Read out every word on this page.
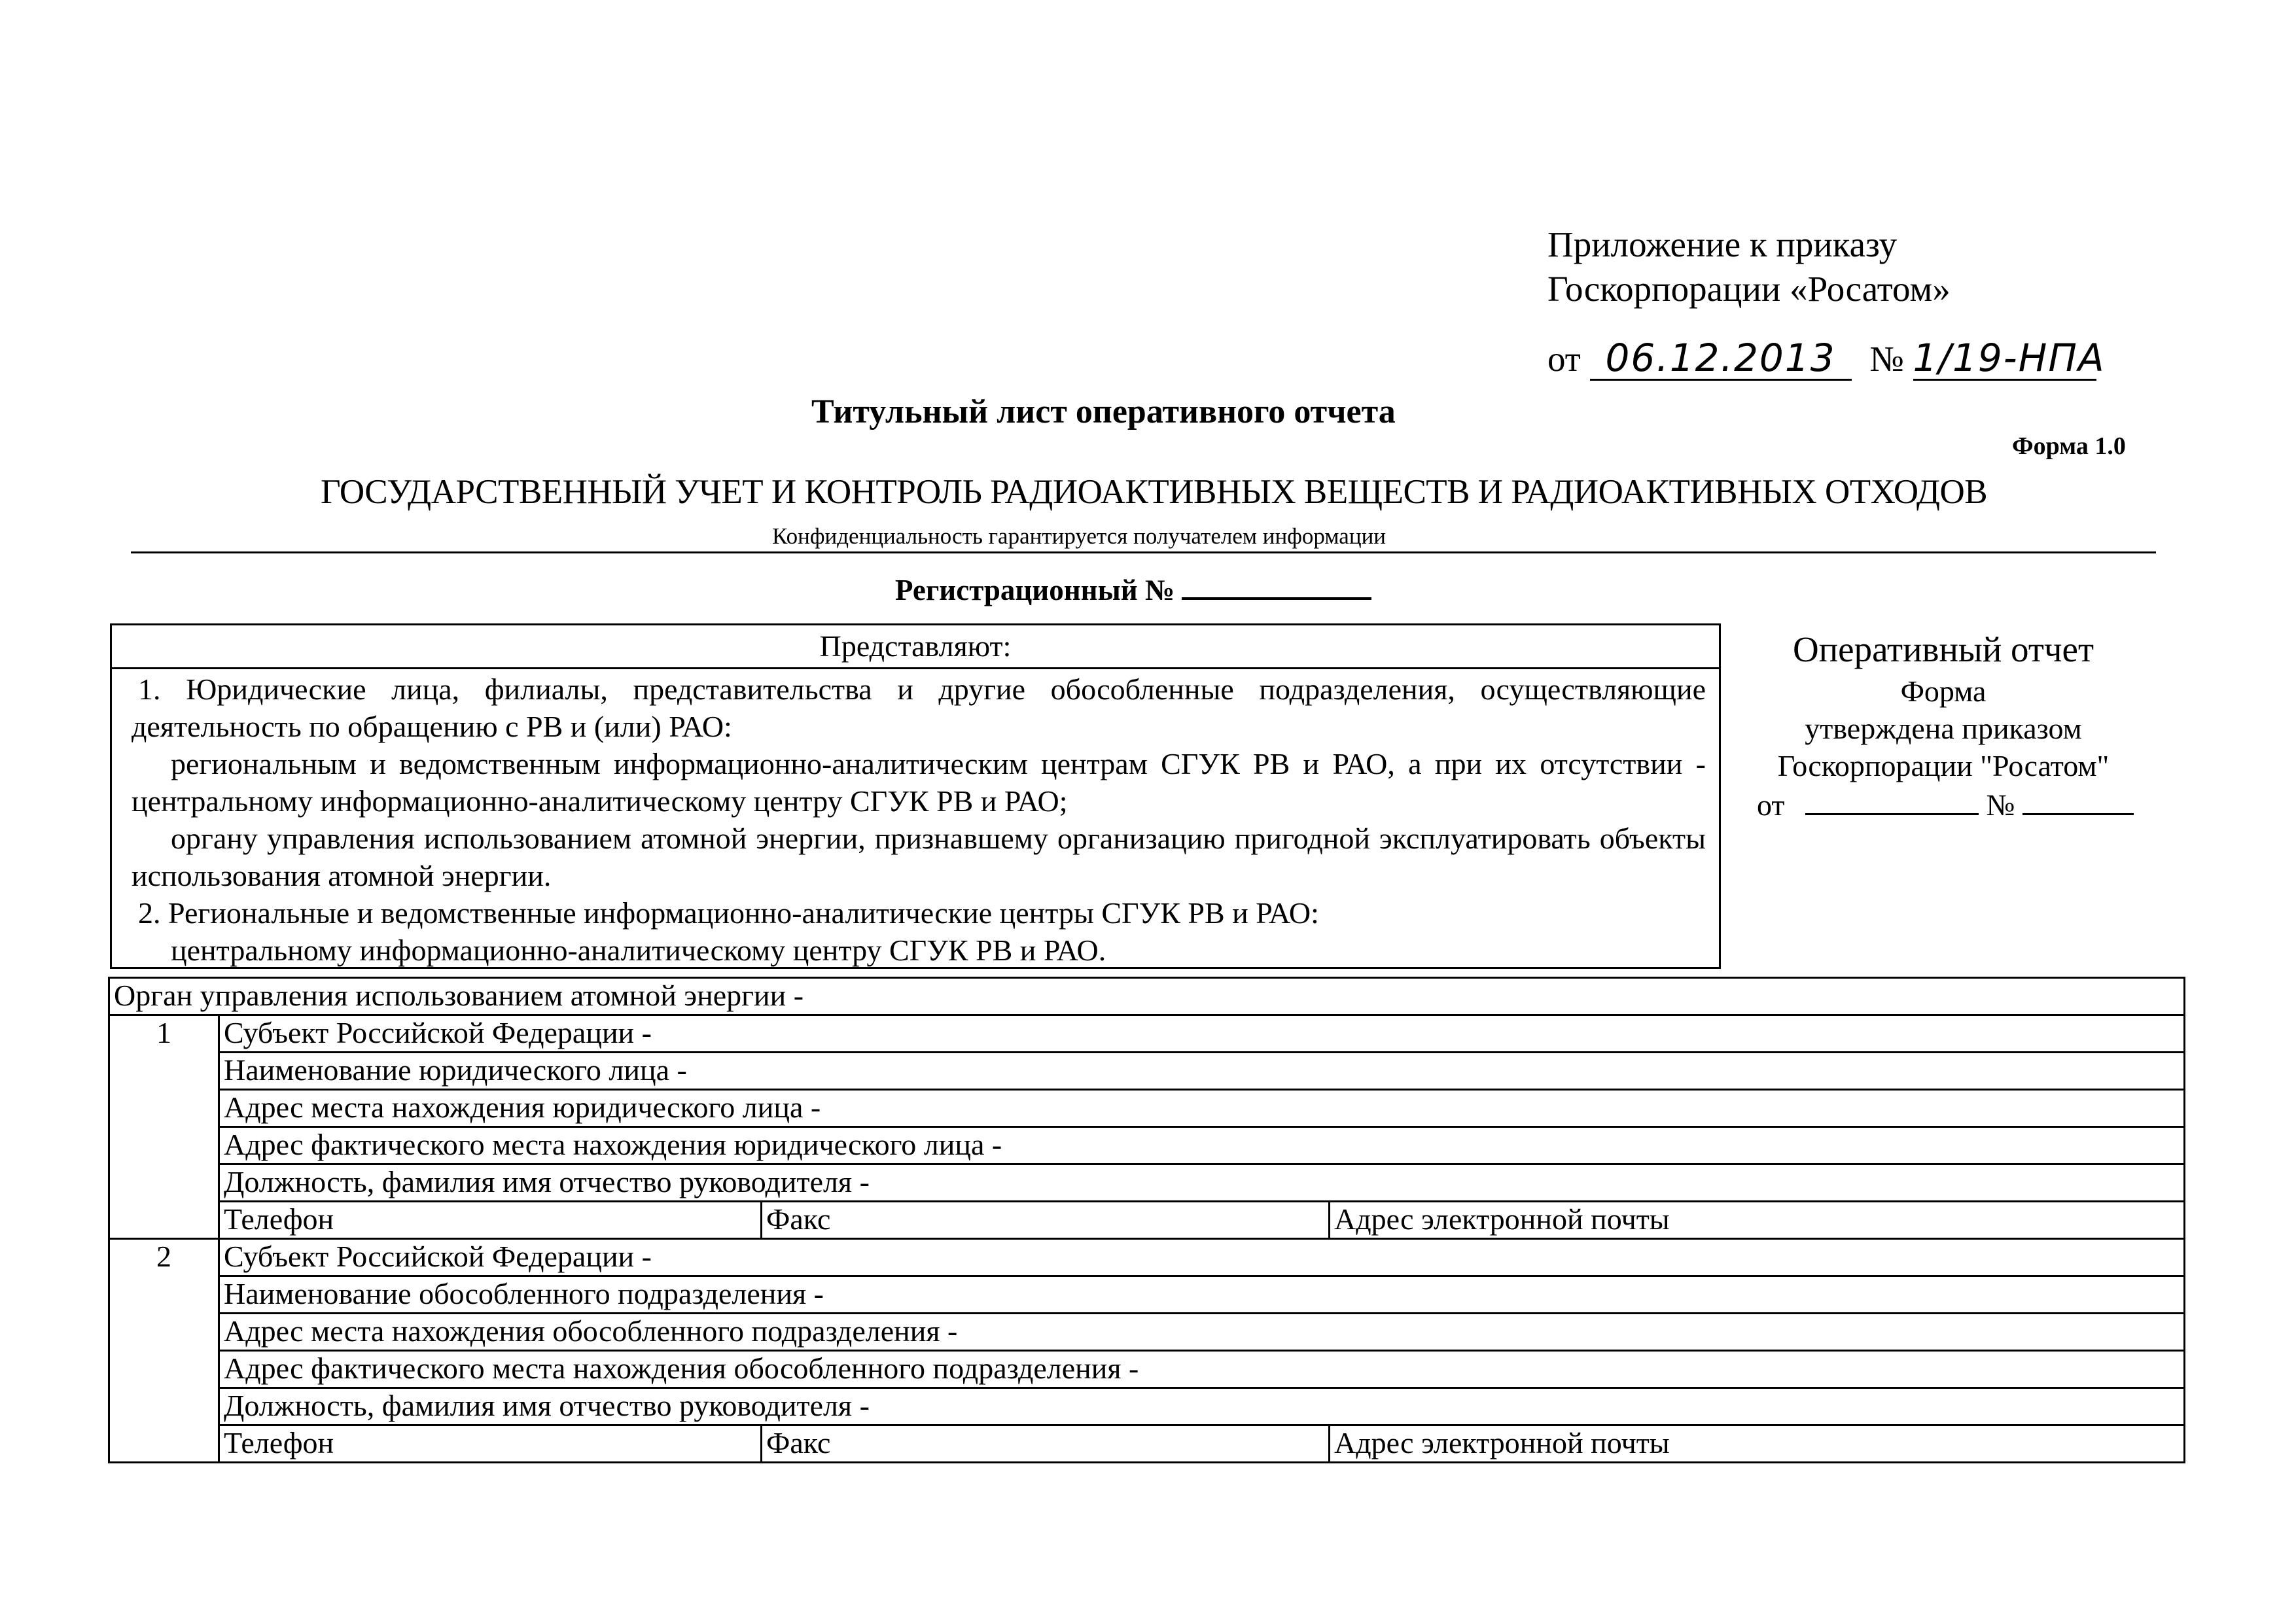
Приложение к приказу
Госкорпорации «Росатом»
от 06.12.2013 № 1/19-НПА
Титульный лист оперативного отчета
Форма 1.0
ГОСУДАРСТВЕННЫЙ УЧЕТ И КОНТРОЛЬ РАДИОАКТИВНЫХ ВЕЩЕСТВ И РАДИОАКТИВНЫХ ОТХОДОВ
Конфиденциальность гарантируется получателем информации
Регистрационный №
Представляют:

1. Юридические лица, филиалы, представительства и другие обособленные подразделения, осуществляющие деятельность по обращению с РВ и (или) РАО:

региональным и ведомственным информационно-аналитическим центрам СГУК РВ и РАО, а при их отсутствии - центральному информационно-аналитическому центру СГУК РВ и РАО;

органу управления использованием атомной энергии, признавшему организацию пригодной эксплуатировать объекты использования атомной энергии.

2. Региональные и ведомственные информационно-аналитические центры СГУК РВ и РАО:

центральному информационно-аналитическому центру СГУК РВ и РАО.

Оперативный отчет
Форма
утверждена приказом
Госкорпорации "Росатом"
от	№
Орган управления использованием атомной энергии -			
1	Субъект Российской Федерации -		
	Наименование юридического лица -		
	Адрес места нахождения юридического лица -		
	Адрес фактического места нахождения юридического лица -		
	Должность, фамилия имя отчество руководителя -		
	Телефон	Факс	Адрес электронной почты
2	Субъект Российской Федерации -		
	Наименование обособленного подразделения -		
	Адрес места нахождения обособленного подразделения -		
	Адрес фактического места нахождения обособленного подразделения -		
	Должность, фамилия имя отчество руководителя -		
	Телефон	Факс	Адрес электронной почты
